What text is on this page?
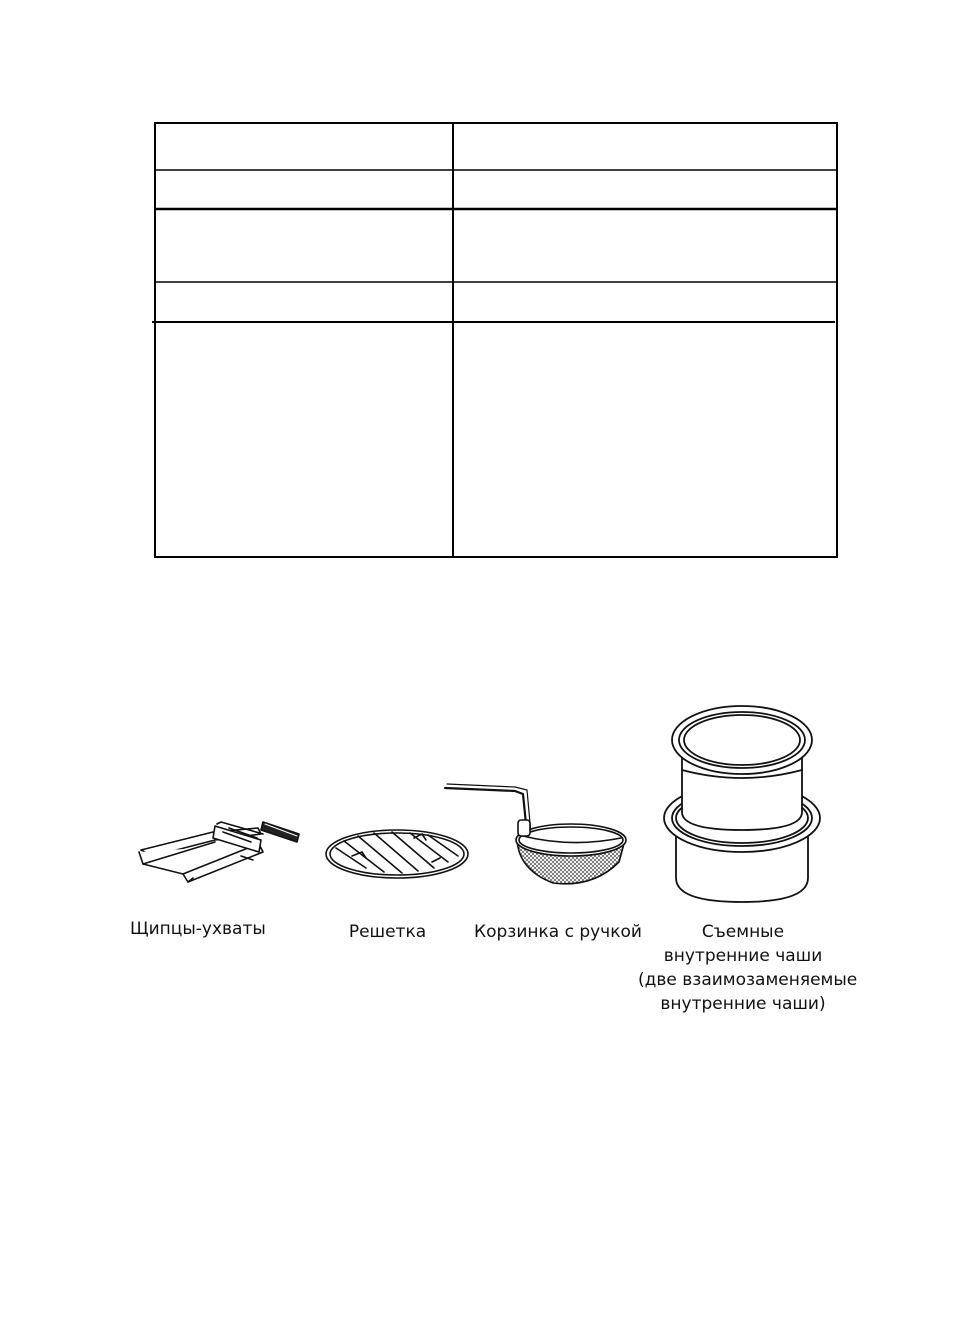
Щипцы-ухваты	Решетка	Корзинка с ручкой	Съемные
внутренние чаши
(две взаимозаменяемые
внутренние чаши)
